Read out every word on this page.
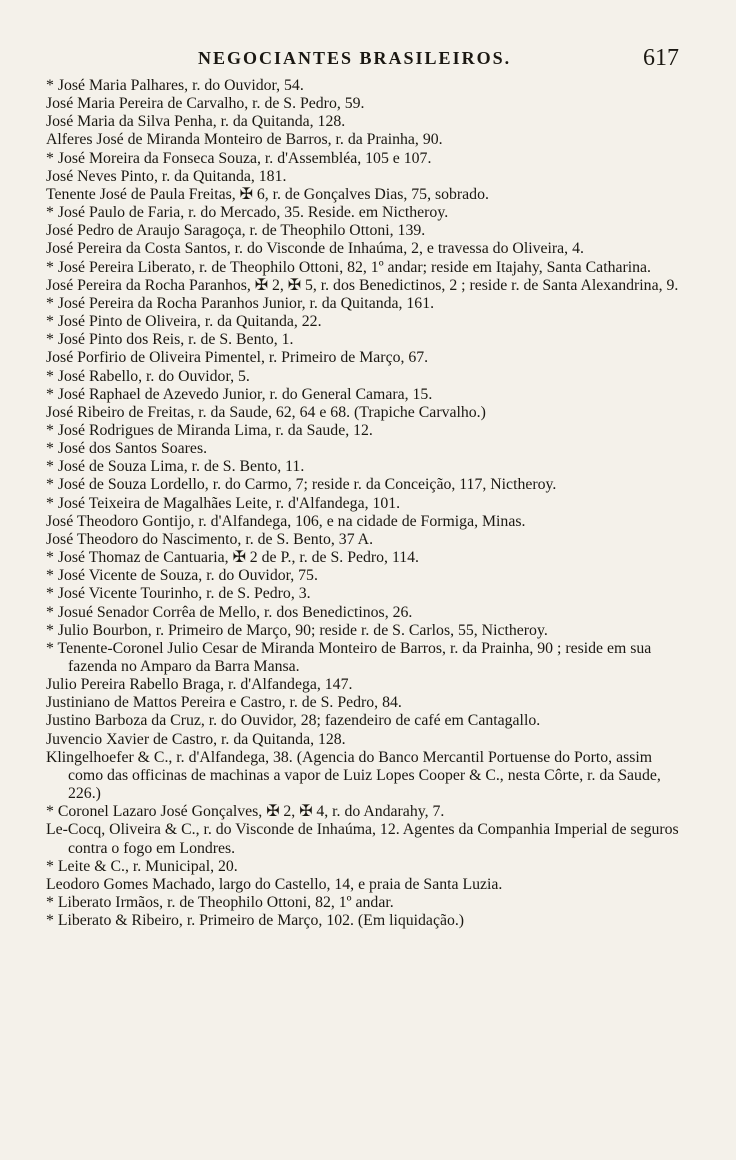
NEGOCIANTES BRASILEIROS.	617
* José Maria Palhares, r. do Ouvidor, 54.
José Maria Pereira de Carvalho, r. de S. Pedro, 59.
José Maria da Silva Penha, r. da Quitanda, 128.
Alferes José de Miranda Monteiro de Barros, r. da Prainha, 90.
* José Moreira da Fonseca Souza, r. d'Assembléa, 105 e 107.
José Neves Pinto, r. da Quitanda, 181.
Tenente José de Paula Freitas, ✠ 6, r. de Gonçalves Dias, 75, sobrado.
* José Paulo de Faria, r. do Mercado, 35. Reside. em Nictheroy.
José Pedro de Araujo Saragoça, r. de Theophilo Ottoni, 139.
José Pereira da Costa Santos, r. do Visconde de Inhaúma, 2, e travessa do Oliveira, 4.
* José Pereira Liberato, r. de Theophilo Ottoni, 82, 1º andar; reside em Itajahy, Santa Catharina.
José Pereira da Rocha Paranhos, ✠ 2, ✠ 5, r. dos Benedictinos, 2 ; reside r. de Santa Alexandrina, 9.
* José Pereira da Rocha Paranhos Junior, r. da Quitanda, 161.
* José Pinto de Oliveira, r. da Quitanda, 22.
* José Pinto dos Reis, r. de S. Bento, 1.
José Porfirio de Oliveira Pimentel, r. Primeiro de Março, 67.
* José Rabello, r. do Ouvidor, 5.
* José Raphael de Azevedo Junior, r. do General Camara, 15.
José Ribeiro de Freitas, r. da Saude, 62, 64 e 68. (Trapiche Carvalho.)
* José Rodrigues de Miranda Lima, r. da Saude, 12.
* José dos Santos Soares.
* José de Souza Lima, r. de S. Bento, 11.
* José de Souza Lordello, r. do Carmo, 7; reside r. da Conceição, 117, Nictheroy.
* José Teixeira de Magalhães Leite, r. d'Alfandega, 101.
José Theodoro Gontijo, r. d'Alfandega, 106, e na cidade de Formiga, Minas.
José Theodoro do Nascimento, r. de S. Bento, 37 A.
* José Thomaz de Cantuaria, ✠ 2 de P., r. de S. Pedro, 114.
* José Vicente de Souza, r. do Ouvidor, 75.
* José Vicente Tourinho, r. de S. Pedro, 3.
* Josué Senador Corrêa de Mello, r. dos Benedictinos, 26.
* Julio Bourbon, r. Primeiro de Março, 90; reside r. de S. Carlos, 55, Nictheroy.
* Tenente-Coronel Julio Cesar de Miranda Monteiro de Barros, r. da Prainha, 90 ; reside em sua fazenda no Amparo da Barra Mansa.
Julio Pereira Rabello Braga, r. d'Alfandega, 147.
Justiniano de Mattos Pereira e Castro, r. de S. Pedro, 84.
Justino Barboza da Cruz, r. do Ouvidor, 28; fazendeiro de café em Cantagallo.
Juvencio Xavier de Castro, r. da Quitanda, 128.
Klingelhoefer & C., r. d'Alfandega, 38. (Agencia do Banco Mercantil Portuense do Porto, assim como das officinas de machinas a vapor de Luiz Lopes Cooper & C., nesta Côrte, r. da Saude, 226.)
* Coronel Lazaro José Gonçalves, ✠ 2, ✠ 4, r. do Andarahy, 7.
Le-Cocq, Oliveira & C., r. do Visconde de Inhaúma, 12. Agentes da Companhia Imperial de seguros contra o fogo em Londres.
* Leite & C., r. Municipal, 20.
Leodoro Gomes Machado, largo do Castello, 14, e praia de Santa Luzia.
* Liberato Irmãos, r. de Theophilo Ottoni, 82, 1º andar.
* Liberato & Ribeiro, r. Primeiro de Março, 102. (Em liquidação.)
